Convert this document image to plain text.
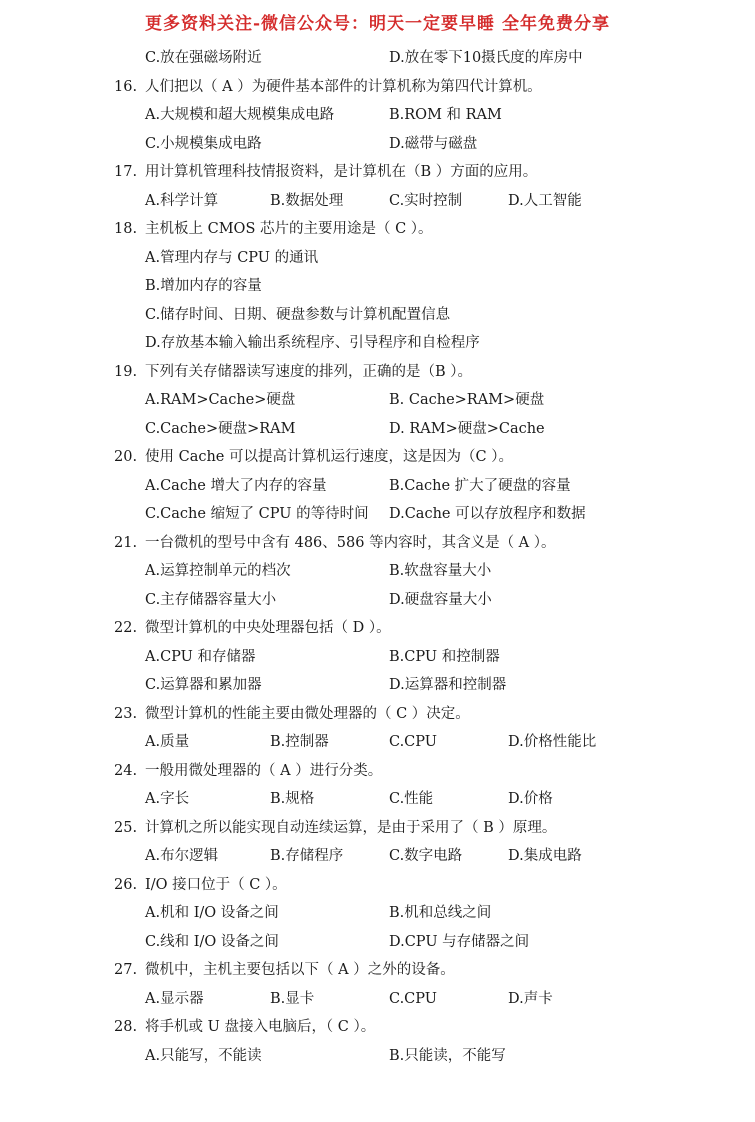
更多资料关注-微信公众号：明天一定要早睡 全年免费分享
C.放在强磁场附近	D.放在零下10摄氏度的库房中
16. 人们把以（ A ）为硬件基本部件的计算机称为第四代计算机。
A.大规模和超大规模集成电路	B.ROM 和 RAM
C.小规模集成电路	D.磁带与磁盘
17. 用计算机管理科技情报资料，是计算机在（B ）方面的应用。
A.科学计算	B.数据处理	C.实时控制	D.人工智能
18. 主机板上 CMOS 芯片的主要用途是（ C ）。
A.管理内存与 CPU 的通讯
B.增加内存的容量
C.储存时间、日期、硬盘参数与计算机配置信息
D.存放基本输入输出系统程序、引导程序和自检程序
19. 下列有关存储器读写速度的排列，正确的是（B ）。
A.RAM>Cache>硬盘	B. Cache>RAM>硬盘
C.Cache>硬盘>RAM	D. RAM>硬盘>Cache
20. 使用 Cache 可以提高计算机运行速度，这是因为（C ）。
A.Cache 增大了内存的容量	B.Cache 扩大了硬盘的容量
C.Cache 缩短了 CPU 的等待时间 D.Cache 可以存放程序和数据
21. 一台微机的型号中含有 486、586 等内容时，其含义是（ A ）。
A.运算控制单元的档次	B.软盘容量大小
C.主存储器容量大小	D.硬盘容量大小
22. 微型计算机的中央处理器包括（ D ）。
A.CPU 和存储器	B.CPU 和控制器
C.运算器和累加器	D.运算器和控制器
23. 微型计算机的性能主要由微处理器的（ C ）决定。
A.质量	B.控制器	C.CPU	D.价格性能比
24. 一般用微处理器的（ A ）进行分类。
A.字长	B.规格	C.性能	D.价格
25. 计算机之所以能实现自动连续运算，是由于采用了（ B ）原理。
A.布尔逻辑	B.存储程序	C.数字电路	D.集成电路
26. I/O 接口位于（ C ）。
A.机和 I/O 设备之间	B.机和总线之间
C.线和 I/O 设备之间	D.CPU 与存储器之间
27. 微机中，主机主要包括以下（ A ）之外的设备。
A.显示器	B.显卡	C.CPU	D.声卡
28. 将手机或 U 盘接入电脑后，（ C ）。
A.只能写，不能读	B.只能读，不能写
